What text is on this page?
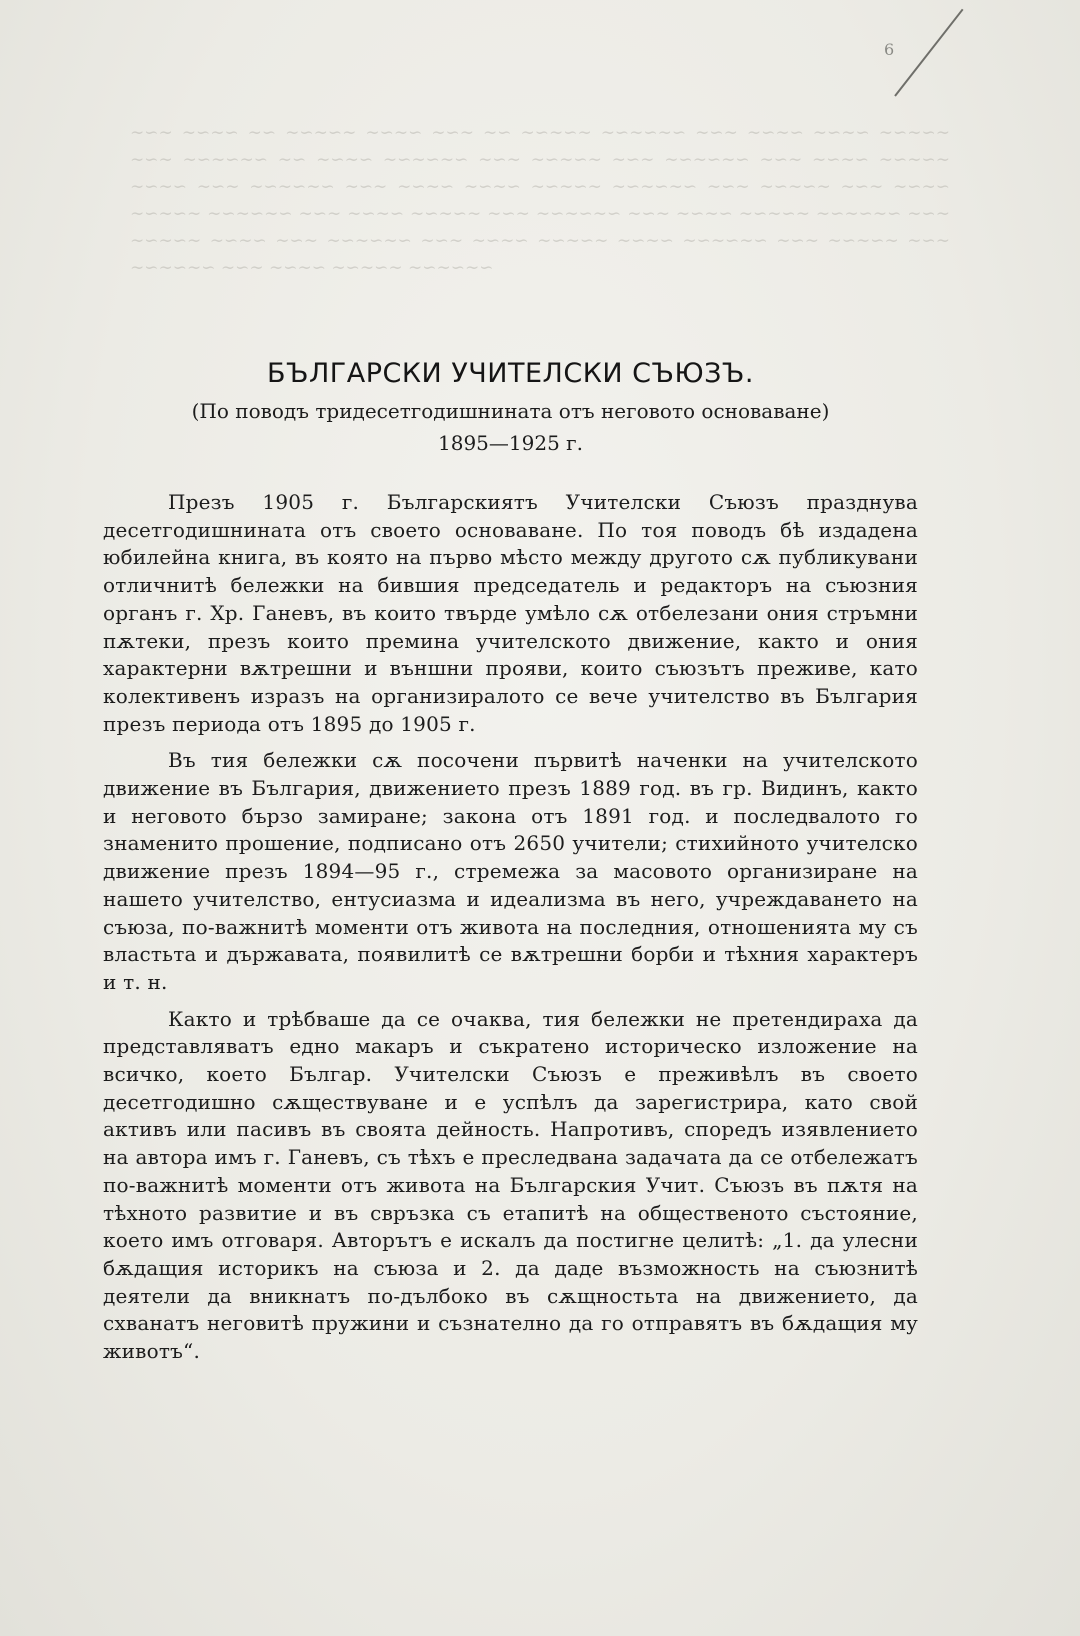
∼∽∼ ∼∽∼∽ ∼∽ ∼∽∼∽∼ ∼∽∼∽ ∼∽∼ ∼∽ ∼∽∼∽∼ ∼∽∼∽∼∽ ∼∽∼ ∼∽∼∽ ∼∽∼∽ ∼∽∼∽∼ ∼∽∼ ∼∽∼∽∼∽ ∼∽ ∼∽∼∽ ∼∽∼∽∼∽ ∼∽∼ ∼∽∼∽∼ ∼∽∼ ∼∽∼∽∼∽ ∼∽∼ ∼∽∼∽ ∼∽∼∽∼ ∼∽∼∽ ∼∽∼ ∼∽∼∽∼∽ ∼∽∼ ∼∽∼∽ ∼∽∼∽ ∼∽∼∽∼ ∼∽∼∽∼∽ ∼∽∼ ∼∽∼∽∼ ∼∽∼ ∼∽∼∽ ∼∽∼∽∼ ∼∽∼∽∼∽ ∼∽∼ ∼∽∼∽ ∼∽∼∽∼ ∼∽∼ ∼∽∼∽∼∽ ∼∽∼ ∼∽∼∽ ∼∽∼∽∼ ∼∽∼∽∼∽ ∼∽∼ ∼∽∼∽∼ ∼∽∼∽ ∼∽∼ ∼∽∼∽∼∽ ∼∽∼ ∼∽∼∽ ∼∽∼∽∼ ∼∽∼∽ ∼∽∼∽∼∽ ∼∽∼ ∼∽∼∽∼ ∼∽∼ ∼∽∼∽∼∽ ∼∽∼ ∼∽∼∽ ∼∽∼∽∼ ∼∽∼∽∼∽

6
БЪЛГАРСКИ УЧИТЕЛСКИ СЪЮЗЪ.
(По поводъ тридесетгодишнината отъ неговото основаване)
1895—1925 г.

Презъ 1905 г. Българскиятъ Учителски Съюзъ празднува десетгодишнината отъ своето основаване. По тоя поводъ бѣ издадена юбилейна книга, въ която на първо мѣсто между другото сѫ публикувани отличнитѣ бележки на бившия председатель и редакторъ на съюзния органъ г. Хр. Ганевъ, въ които твърде умѣло сѫ отбелезани ония стръмни пѫтеки, презъ които премина учителското движение, както и ония характерни вѫтрешни и външни прояви, които съюзътъ преживе, като колективенъ изразъ на организиралото се вече учителство въ България презъ периода отъ 1895 до 1905 г.

Въ тия бележки сѫ посочени първитѣ наченки на учителското движение въ България, движението презъ 1889 год. въ гр. Видинъ, както и неговото бързо замиране; закона отъ 1891 год. и последвалото го знаменито прошение, подписано отъ 2650 учители; стихийното учителско движение презъ 1894—95 г., стремежа за масовото организиране на нашето учителство, ентусиазма и идеализма въ него, учреждаването на съюза, по-важнитѣ моменти отъ живота на последния, отношенията му съ властьта и държавата, появилитѣ се вѫтрешни борби и тѣхния характеръ и т. н.

Както и трѣбваше да се очаква, тия бележки не претендираха да представляватъ едно макаръ и съкратено историческо изложение на всичко, което Българ. Учителски Съюзъ е преживѣлъ въ своето десетгодишно сѫществуване и е успѣлъ да зарегистрира, като свой активъ или пасивъ въ своята дейность. Напротивъ, споредъ изявлението на автора имъ г. Ганевъ, съ тѣхъ е преследвана задачата да се отбележатъ по-важнитѣ моменти отъ живота на Българския Учит. Съюзъ въ пѫтя на тѣхното развитие и въ свръзка съ етапитѣ на общественото състояние, което имъ отговаря. Авторътъ е искалъ да постигне целитѣ: „1. да улесни бѫдащия историкъ на съюза и 2. да даде възможность на съюзнитѣ деятели да вникнатъ по-дълбоко въ сѫщностьта на движението, да схванатъ неговитѣ пружини и съзнателно да го отправятъ въ бѫдащия му животъ“.
